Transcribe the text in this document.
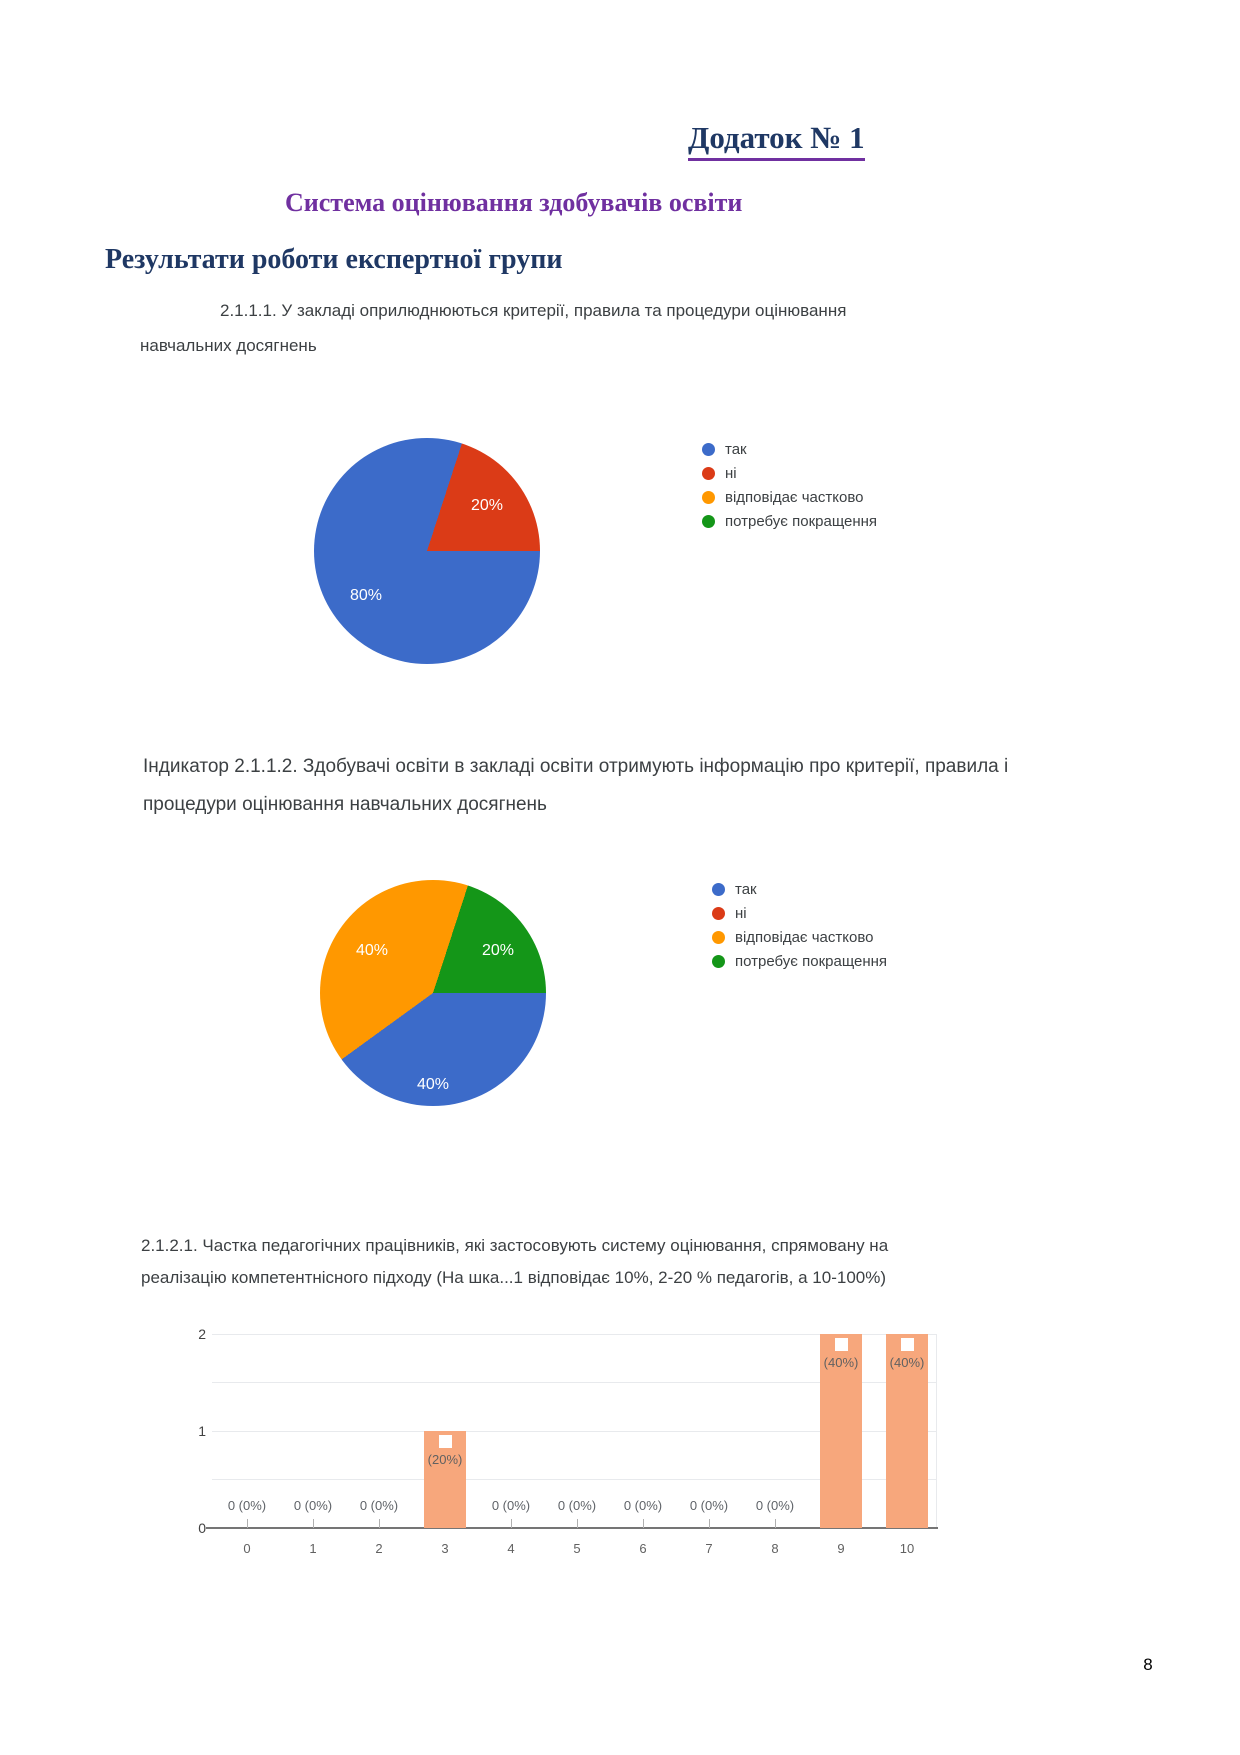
Додаток № 1
Система оцінювання здобувачів освіти
Результати роботи експертної групи

2.1.1.1. У закладі оприлюднюються критерії, правила та процедури оцінювання навчальних досягнень

80%
20%
так
ні
відповідає частково
потребує покращення

Індикатор 2.1.1.2. Здобувачі освіти в закладі освіти отримують інформацію про критерії, правила і процедури оцінювання навчальних досягнень

40%	20%
40%
так
ні
відповідає частково
потребує покращення

2.1.2.1. Частка педагогічних працівників, які застосовують систему оцінювання, спрямовану на реалізацію компетентнісного підходу (На шка...1 відповідає 10%, 2-20 % педагогів, а 10-100%)

2
1
0
0
0 (0%)
1
0 (0%)
2
0 (0%)
3
(20%)
4
0 (0%)
5
0 (0%)
6
0 (0%)
7
0 (0%)
8
0 (0%)
9
(40%)
10
(40%)
8
